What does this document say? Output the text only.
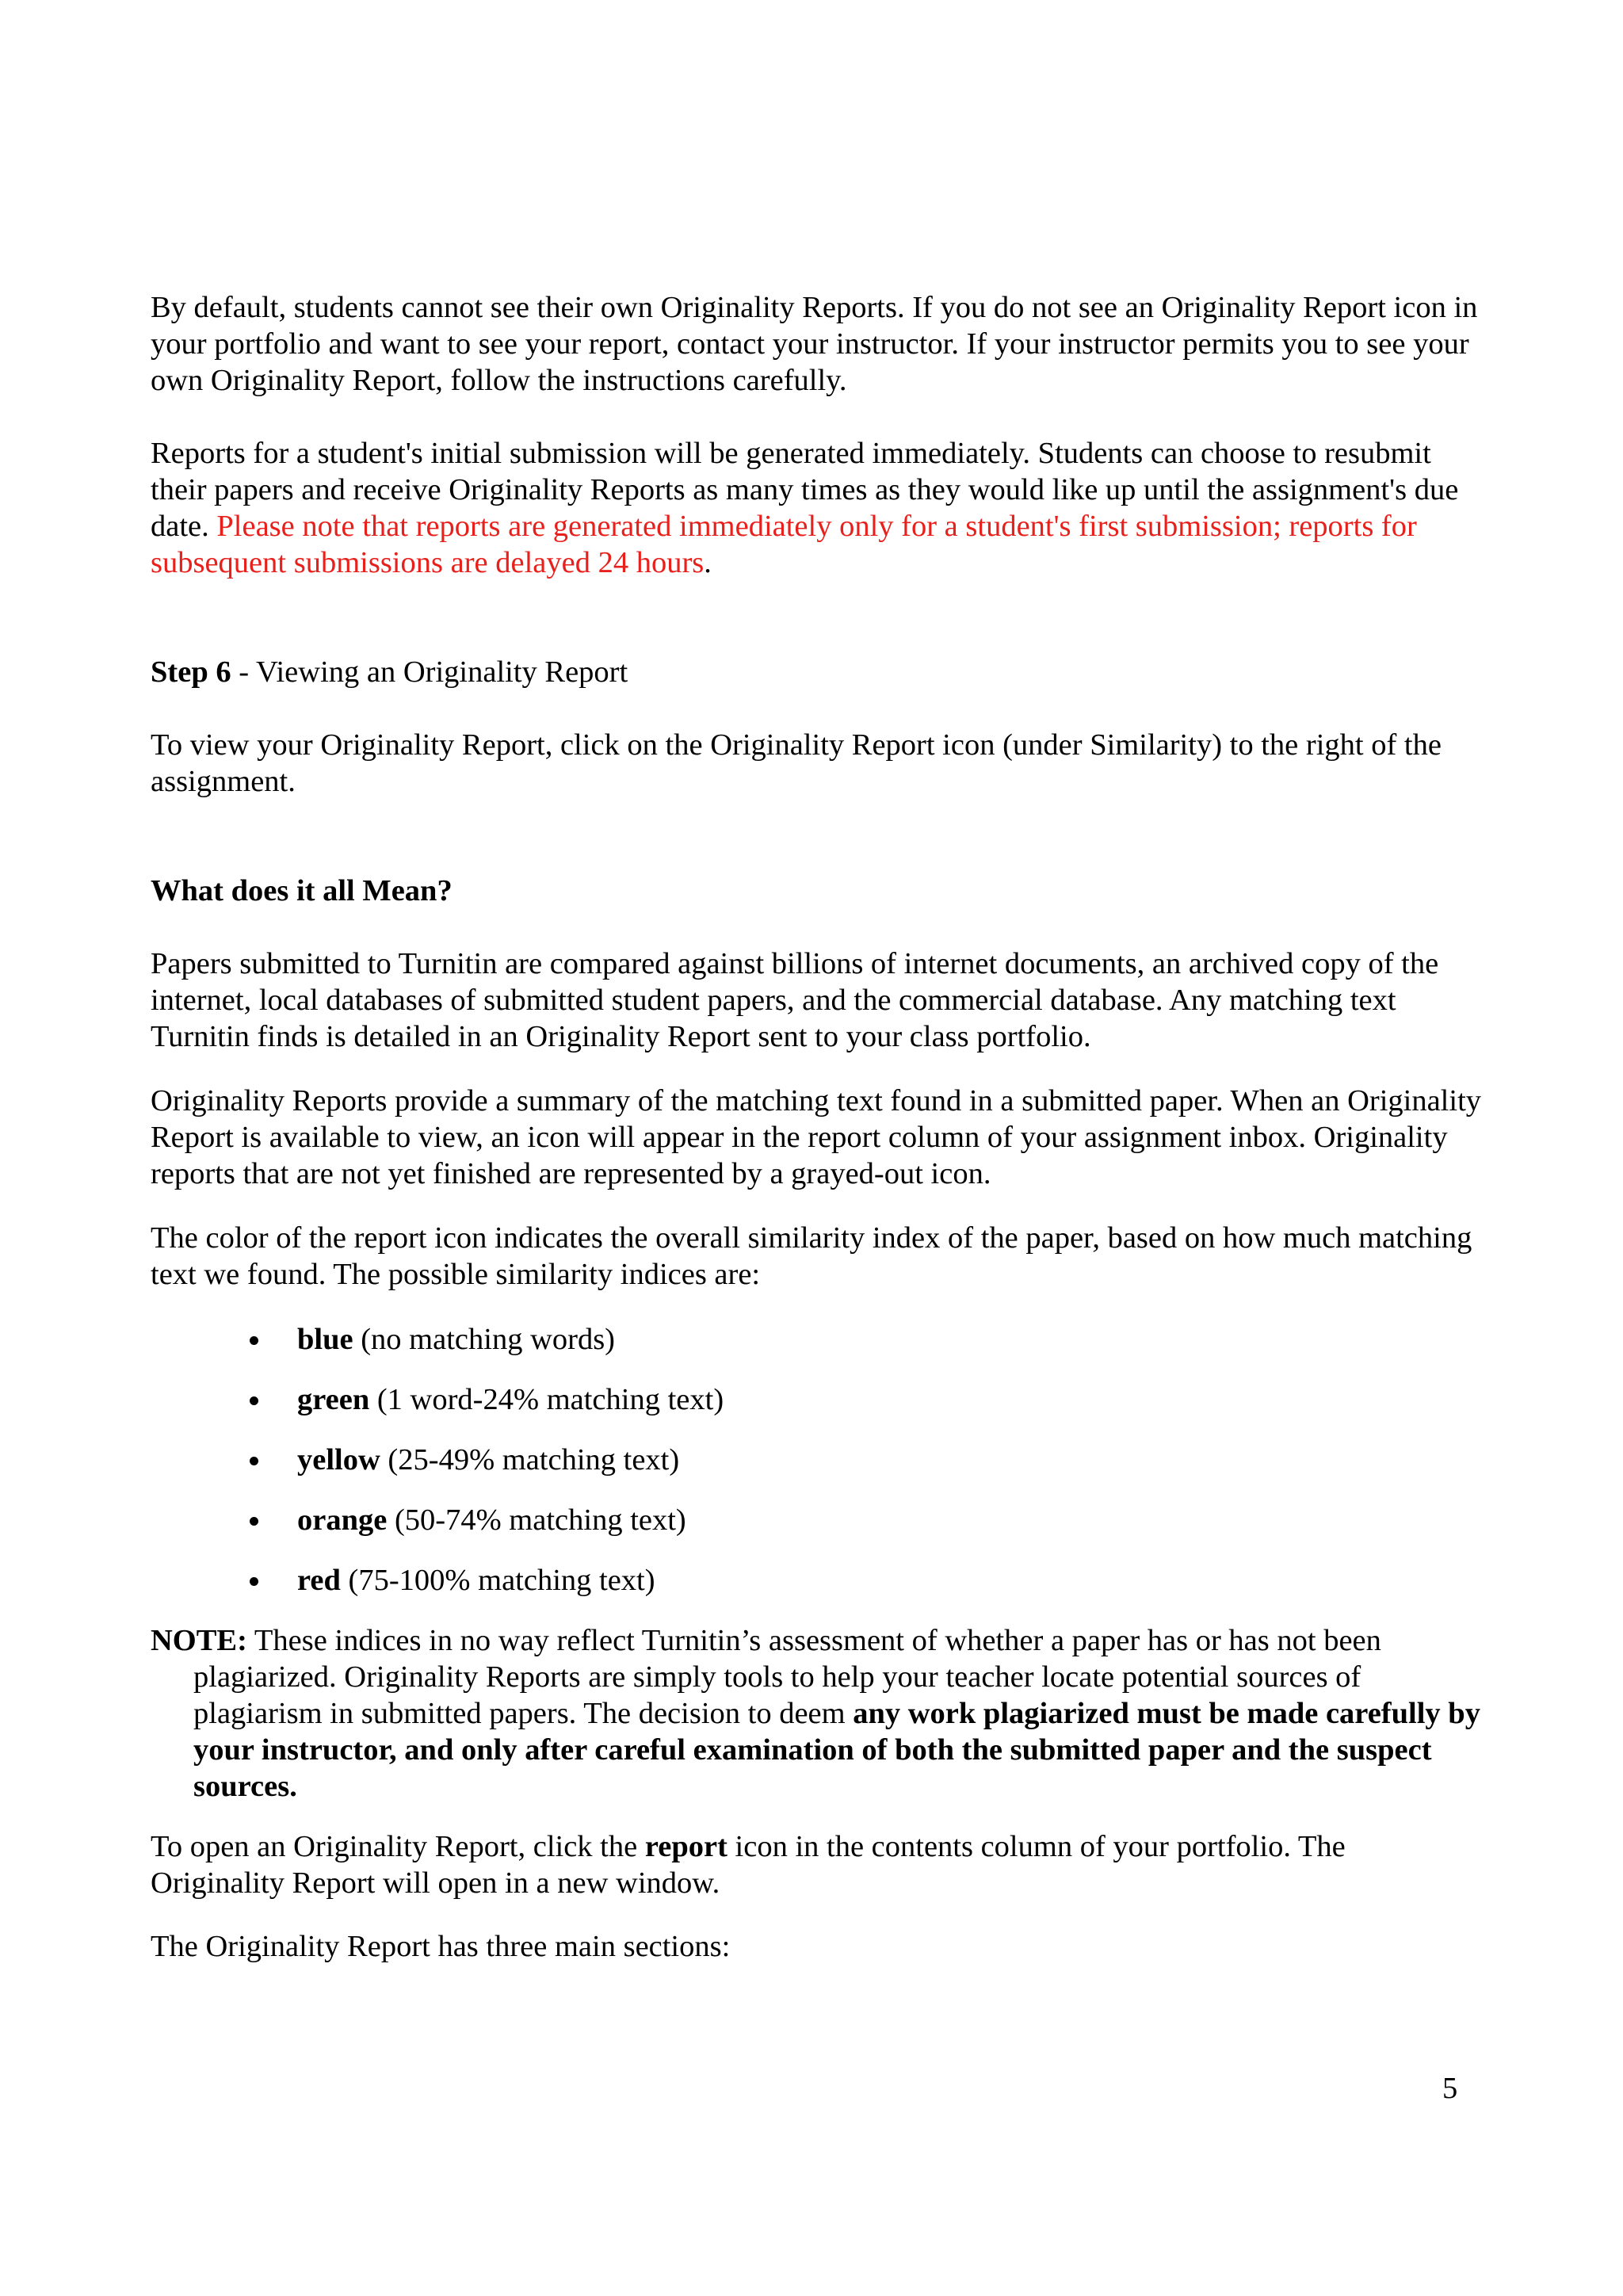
By default, students cannot see their own Originality Reports. If you do not see an Originality Report icon in your portfolio and want to see your report, contact your instructor. If your instructor permits you to see your own Originality Report, follow the instructions carefully.

Reports for a student's initial submission will be generated immediately. Students can choose to resubmit their papers and receive Originality Reports as many times as they would like up until the assignment's due date. Please note that reports are generated immediately only for a student's first submission; reports for subsequent submissions are delayed 24 hours.

Step 6 - Viewing an Originality Report

To view your Originality Report, click on the Originality Report icon (under Similarity) to the right of the assignment.

What does it all Mean?

Papers submitted to Turnitin are compared against billions of internet documents, an archived copy of the internet, local databases of submitted student papers, and the commercial database. Any matching text Turnitin finds is detailed in an Originality Report sent to your class portfolio.

Originality Reports provide a summary of the matching text found in a submitted paper. When an Originality Report is available to view, an icon will appear in the report column of your assignment inbox. Originality reports that are not yet finished are represented by a grayed-out icon.

The color of the report icon indicates the overall similarity index of the paper, based on how much matching text we found. The possible similarity indices are:

blue (no matching words)
green (1 word-24% matching text)
yellow (25-49% matching text)
orange (50-74% matching text)
red (75-100% matching text)

NOTE: These indices in no way reflect Turnitin’s assessment of whether a paper has or has not been plagiarized. Originality Reports are simply tools to help your teacher locate potential sources of plagiarism in submitted papers. The decision to deem any work plagiarized must be made carefully by your instructor, and only after careful examination of both the submitted paper and the suspect sources.

To open an Originality Report, click the report icon in the contents column of your portfolio. The Originality Report will open in a new window.

The Originality Report has three main sections:

5
